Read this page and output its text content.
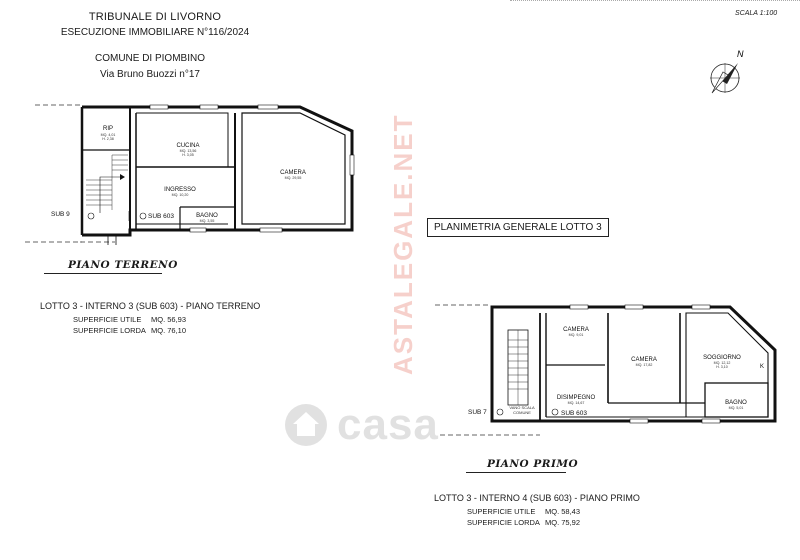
SCALA 1:100
TRIBUNALE DI LIVORNO
ESECUZIONE IMMOBILIARE N°116/2024
COMUNE DI PIOMBINO
Via Bruno Buozzi n°17
N
ASTALEGALE.NET
casa
PLANIMETRIA GENERALE LOTTO 3
RIP
MQ. 4,01
H. 2,38
CUCINA
MQ. 13,56
H. 3,05
CAMERA
MQ. 29,55
INGRESSO
MQ. 10,20
BAGNO
MQ. 3,55
SUB 9	SUB 603
PIANO TERRENO
LOTTO 3 - INTERNO 3 (SUB 603) - PIANO TERRENO
SUPERFICIE UTILE	MQ. 56,93
SUPERFICIE LORDA MQ. 76,10	CAMERA
MQ. 9,01
CAMERA
MQ. 17,82
SOGGIORNO
MQ. 12,12
H. 3,10	K
DISIMPEGNO
MQ. 14,67	BAGNO
MQ. 5,01
VANO SCALA
COMUNE
SUB 7	SUB 603
PIANO PRIMO
LOTTO 3 - INTERNO 4 (SUB 603) - PIANO PRIMO
SUPERFICIE UTILE	MQ. 58,43
SUPERFICIE LORDA MQ. 75,92
